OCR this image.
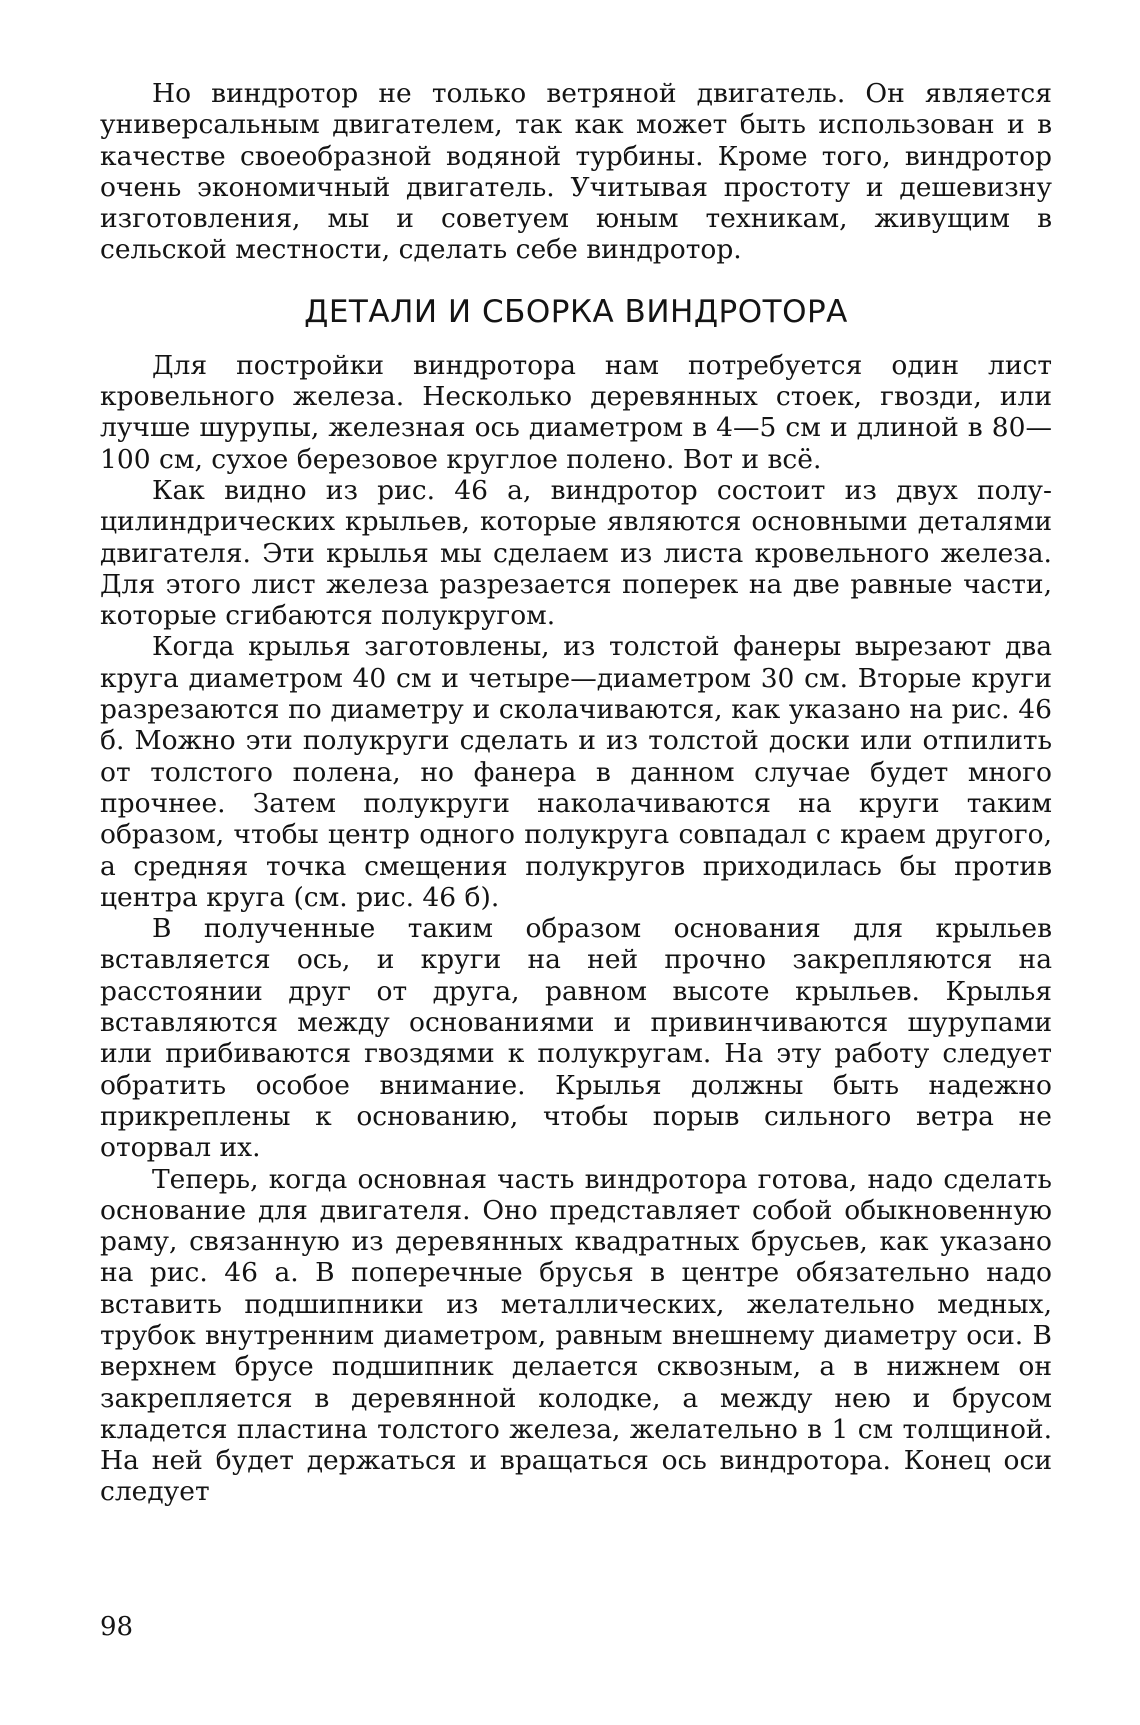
Но виндротор не только ветряной двигатель. Он является универсальным двигателем, так как может быть использован и в качестве своеобразной водяной турбины. Кроме того, виндротор очень экономичный двигатель. Учитывая простоту и дешевизну изготовления, мы и советуем юным техникам, живущим в сельской местности, сделать себе виндротор.

ДЕТАЛИ И СБОРКА ВИНДРОТОРА

Для постройки виндротора нам потребуется один лист кровельного железа. Несколько деревянных стоек, гвозди, или лучше шурупы, железная ось диаметром в 4—5 см и длиной в 80—100 см, сухое березовое круглое полено. Вот и всё.

Как видно из рис. 46 а, виндротор состоит из двух полуцилиндрических крыльев, которые являются основными деталями двигателя. Эти крылья мы сделаем из листа кровельного железа. Для этого лист железа разрезается поперек на две равные части, которые сгибаются полукругом.

Когда крылья заготовлены, из толстой фанеры вырезают два круга диаметром 40 см и четыре—диаметром 30 см. Вторые круги разрезаются по диаметру и сколачиваются, как указано на рис. 46 б. Можно эти полукруги сделать и из толстой доски или отпилить от толстого полена, но фанера в данном случае будет много прочнее. Затем полукруги наколачиваются на круги таким образом, чтобы центр одного полукруга совпадал с краем другого, а средняя точка смещения полукругов приходилась бы против центра круга (см. рис. 46 б).

В полученные таким образом основания для крыльев вставляется ось, и круги на ней прочно закрепляются на расстоянии друг от друга, равном высоте крыльев. Крылья вставляются между основаниями и привинчиваются шурупами или прибиваются гвоздями к полукругам. На эту работу следует обратить особое внимание. Крылья должны быть надежно прикреплены к основанию, чтобы порыв сильного ветра не оторвал их.

Теперь, когда основная часть виндротора готова, надо сделать основание для двигателя. Оно представляет собой обыкновенную раму, связанную из деревянных квадратных брусьев, как указано на рис. 46 а. В поперечные брусья в центре обязательно надо вставить подшипники из металлических, желательно медных, трубок внутренним диаметром, равным внешнему диаметру оси. В верхнем брусе подшипник делается сквозным, а в нижнем он закрепляется в деревянной колодке, а между нею и брусом кладется пластина толстого железа, желательно в 1 см толщиной. На ней будет держаться и вращаться ось виндротора. Конец оси следует

98
